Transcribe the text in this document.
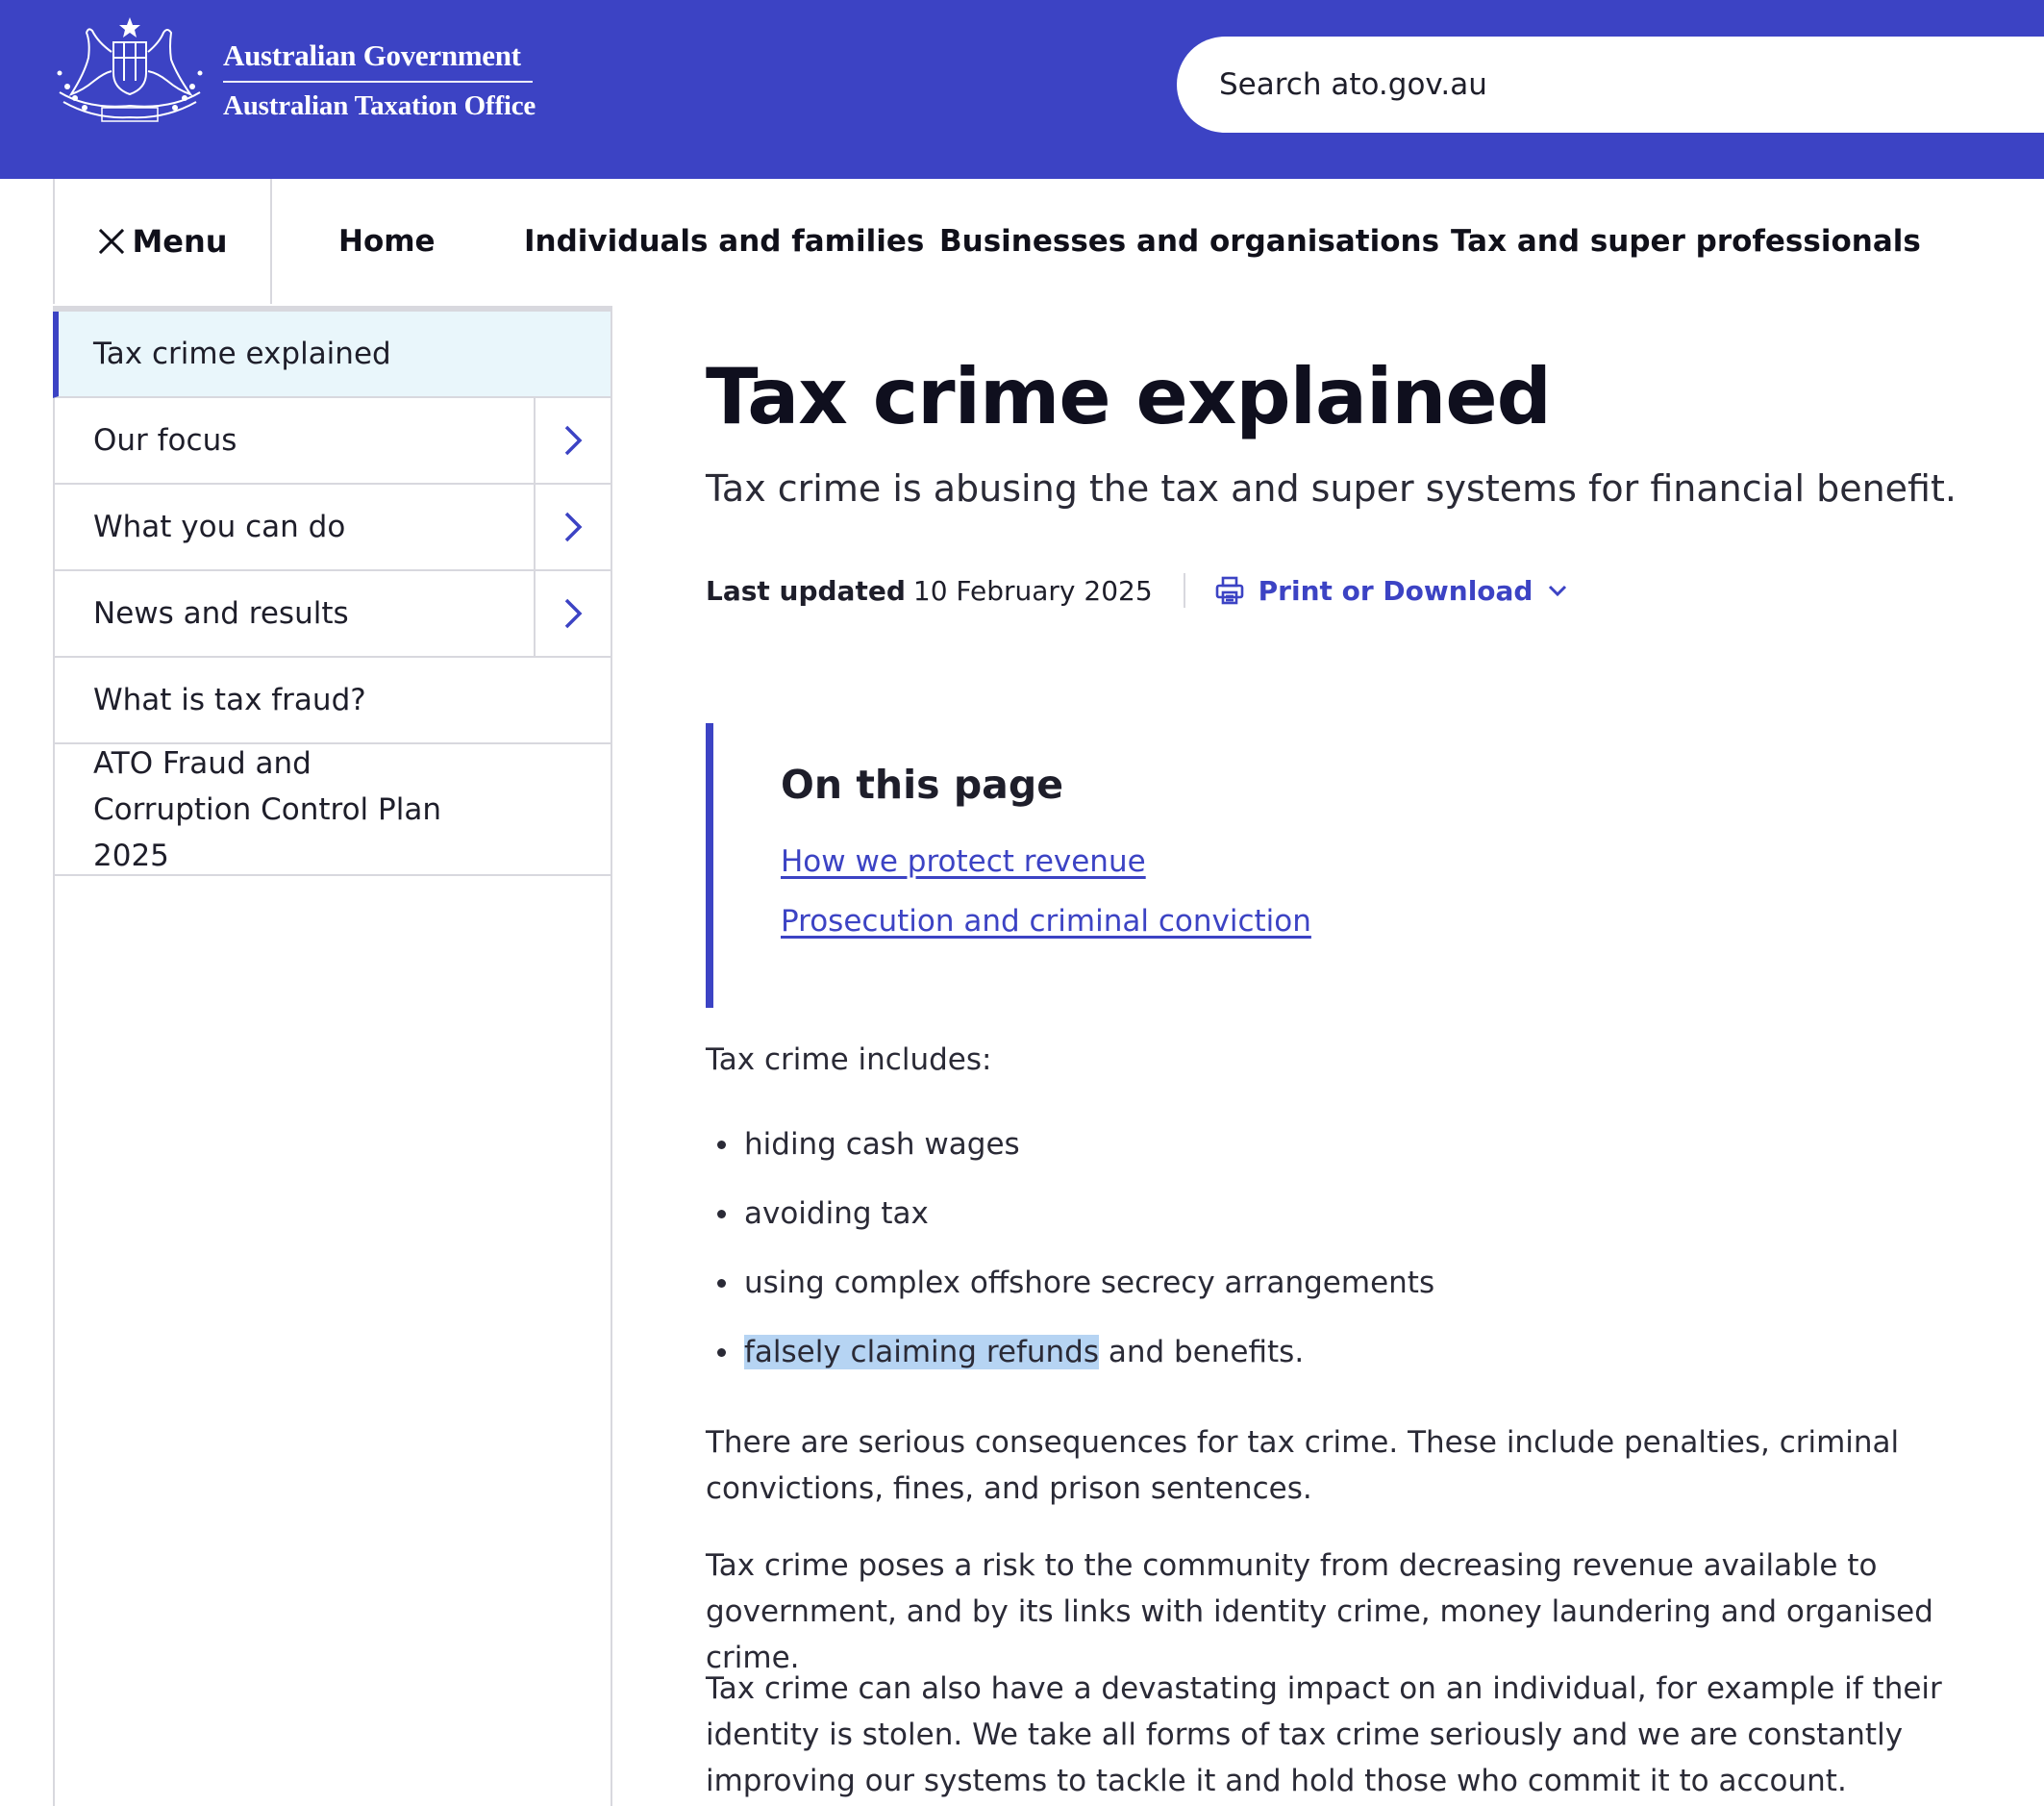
Australian Government
Australian Taxation Office
Search ato.gov.au
Menu	Home	Individuals and families Businesses and organisations Tax and super professionals
Tax crime explained
Our focus
What you can do
News and results
What is tax fraud?
ATO Fraud and Corruption Control Plan 2025
Tax crime explained

Tax crime is abusing the tax and super systems for financial benefit.

Last updated 10 February 2025	Print or Download
On this page
How we protect revenue
Prosecution and criminal conviction

Tax crime includes:

hiding cash wages
avoiding tax
using complex offshore secrecy arrangements
falsely claiming refunds and benefits.

There are serious consequences for tax crime. These include penalties, criminal convictions, fines, and prison sentences.

Tax crime poses a risk to the community from decreasing revenue available to government, and by its links with identity crime, money laundering and organised crime.

Tax crime can also have a devastating impact on an individual, for example if their identity is stolen. We take all forms of tax crime seriously and we are constantly improving our systems to tackle it and hold those who commit it to account.
